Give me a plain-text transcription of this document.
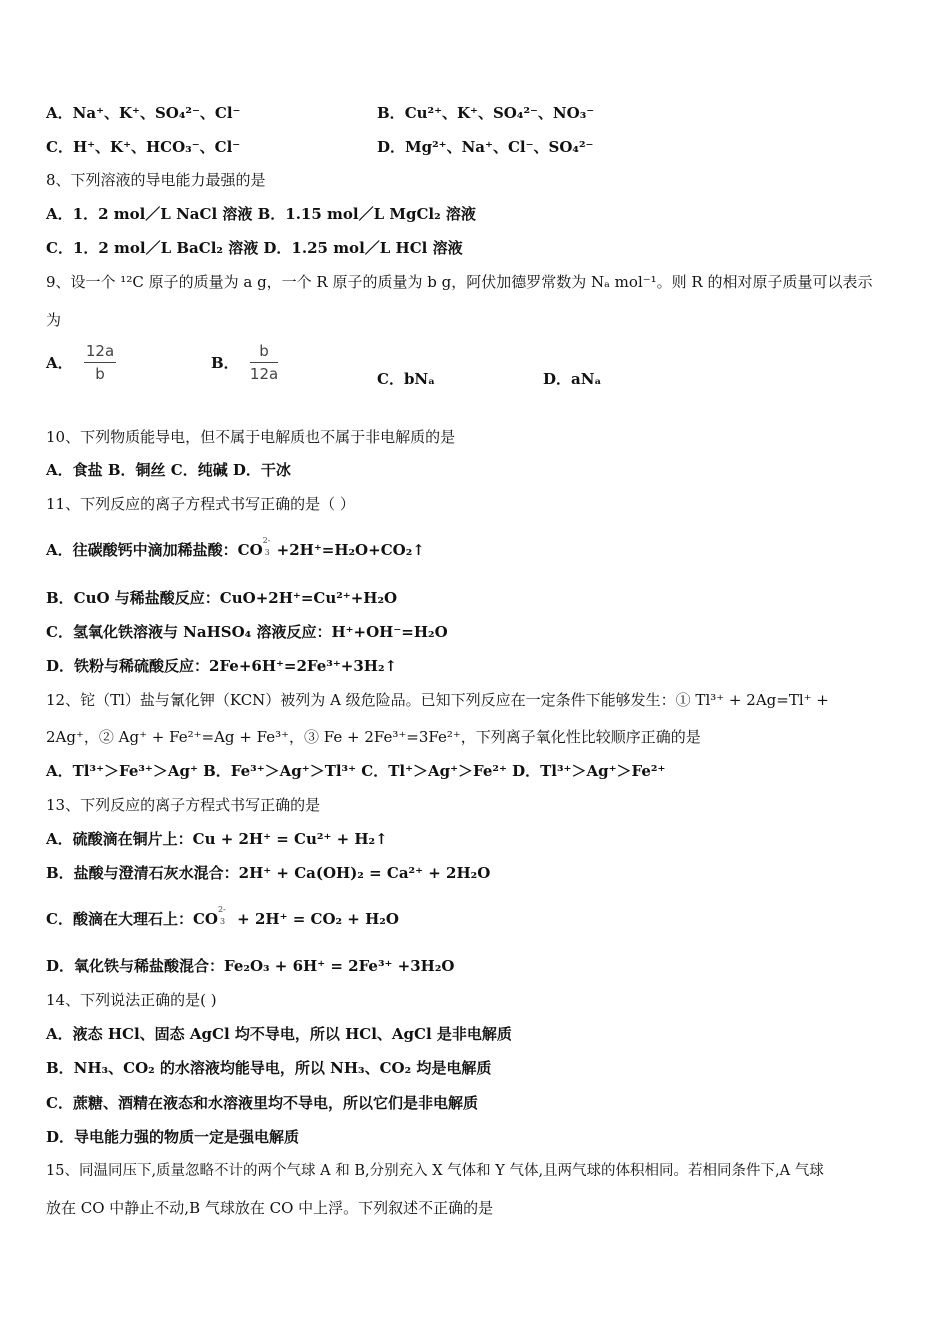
A．Na⁺、K⁺、SO₄²⁻、Cl⁻	B．Cu²⁺、K⁺、SO₄²⁻、NO₃⁻
C．H⁺、K⁺、HCO₃⁻、Cl⁻	D．Mg²⁺、Na⁺、Cl⁻、SO₄²⁻
8、下列溶液的导电能力最强的是
A．1．2 mol／L NaCl 溶液 B．1.15 mol／L MgCl₂ 溶液
C．1．2 mol／L BaCl₂ 溶液 D．1.25 mol／L HCl 溶液
9、设一个 ¹²C 原子的质量为 a g，一个 R 原子的质量为 b g，阿伏加德罗常数为 Nₐ mol⁻¹。则 R 的相对原子质量可以表示
为
A． $\frac{12a}{b}$	B． $\frac{b}{12a}$	C．bNₐ	D．aNₐ
10、下列物质能导电，但不属于电解质也不属于非电解质的是
A．食盐 B．铜丝 C．纯碱 D．干冰
11、下列反应的离子方程式书写正确的是（ ）
A．往碳酸钙中滴加稀盐酸：CO
2-
3 +2H⁺=H₂O+CO₂↑
B．CuO 与稀盐酸反应：CuO+2H⁺=Cu²⁺+H₂O
C．氢氧化铁溶液与 NaHSO₄ 溶液反应：H⁺+OH⁻=H₂O
D．铁粉与稀硫酸反应：2Fe+6H⁺=2Fe³⁺+3H₂↑
12、铊（Tl）盐与氰化钾（KCN）被列为 A 级危险品。已知下列反应在一定条件下能够发生：① Tl³⁺ + 2Ag=Tl⁺ +
2Ag⁺，② Ag⁺ + Fe²⁺=Ag + Fe³⁺，③ Fe + 2Fe³⁺=3Fe²⁺，下列离子氧化性比较顺序正确的是
A．Tl³⁺＞Fe³⁺＞Ag⁺ B．Fe³⁺＞Ag⁺＞Tl³⁺ C．Tl⁺＞Ag⁺＞Fe²⁺ D．Tl³⁺＞Ag⁺＞Fe²⁺
13、下列反应的离子方程式书写正确的是
A．硫酸滴在铜片上：Cu + 2H⁺ = Cu²⁺ + H₂↑
B．盐酸与澄清石灰水混合：2H⁺ + Ca(OH)₂ = Ca²⁺ + 2H₂O
C．酸滴在大理石上：CO
2-
3 + 2H⁺ = CO₂ + H₂O
D．氧化铁与稀盐酸混合：Fe₂O₃ + 6H⁺ = 2Fe³⁺ +3H₂O
14、下列说法正确的是( )
A．液态 HCl、固态 AgCl 均不导电，所以 HCl、AgCl 是非电解质
B．NH₃、CO₂ 的水溶液均能导电，所以 NH₃、CO₂ 均是电解质
C．蔗糖、酒精在液态和水溶液里均不导电，所以它们是非电解质
D．导电能力强的物质一定是强电解质
15、同温同压下,质量忽略不计的两个气球 A 和 B,分别充入 X 气体和 Y 气体,且两气球的体积相同。若相同条件下,A 气球
放在 CO 中静止不动,B 气球放在 CO 中上浮。下列叙述不正确的是
